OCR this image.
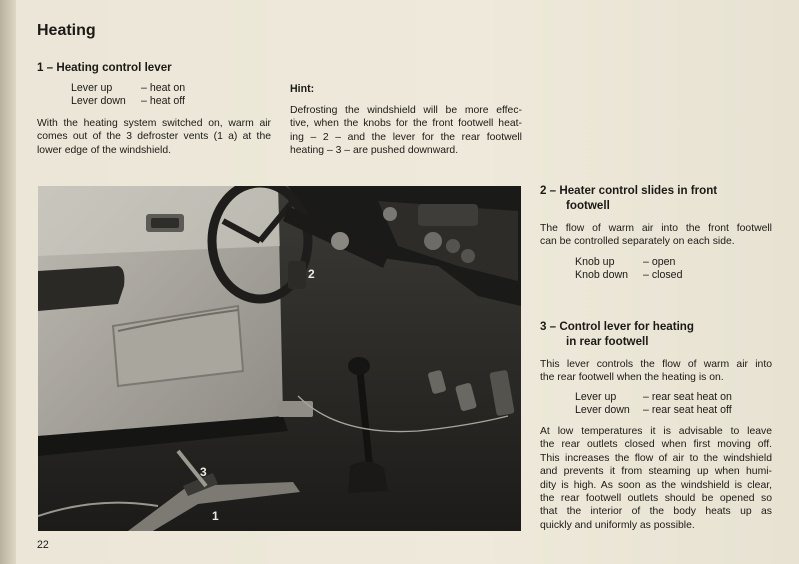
Heating
1 – Heating control lever
Lever up	– heat on
Lever down	– heat off
With the heating system switched on, warm air
comes out of the 3 defroster vents (1 a) at the
lower edge of the windshield.
Hint:
Defrosting the windshield will be more effec-
tive, when the knobs for the front footwell heat-
ing – 2 – and the lever for the rear footwell
heating – 3 – are pushed downward.
2
3
1
2 – Heater control slides in front
footwell
The flow of warm air into the front footwell
can be controlled separately on each side.
Knob up	– open
Knob down	– closed
3 – Control lever for heating
in rear footwell
This lever controls the flow of warm air into
the rear footwell when the heating is on.
Lever up	– rear seat heat on
Lever down	– rear seat heat off
At low temperatures it is advisable to leave
the rear outlets closed when first moving off.
This increases the flow of air to the windshield
and prevents it from steaming up when humi-
dity is high. As soon as the windshield is clear,
the rear footwell outlets should be opened so
that the interior of the body heats up as
quickly and uniformly as possible.
22
